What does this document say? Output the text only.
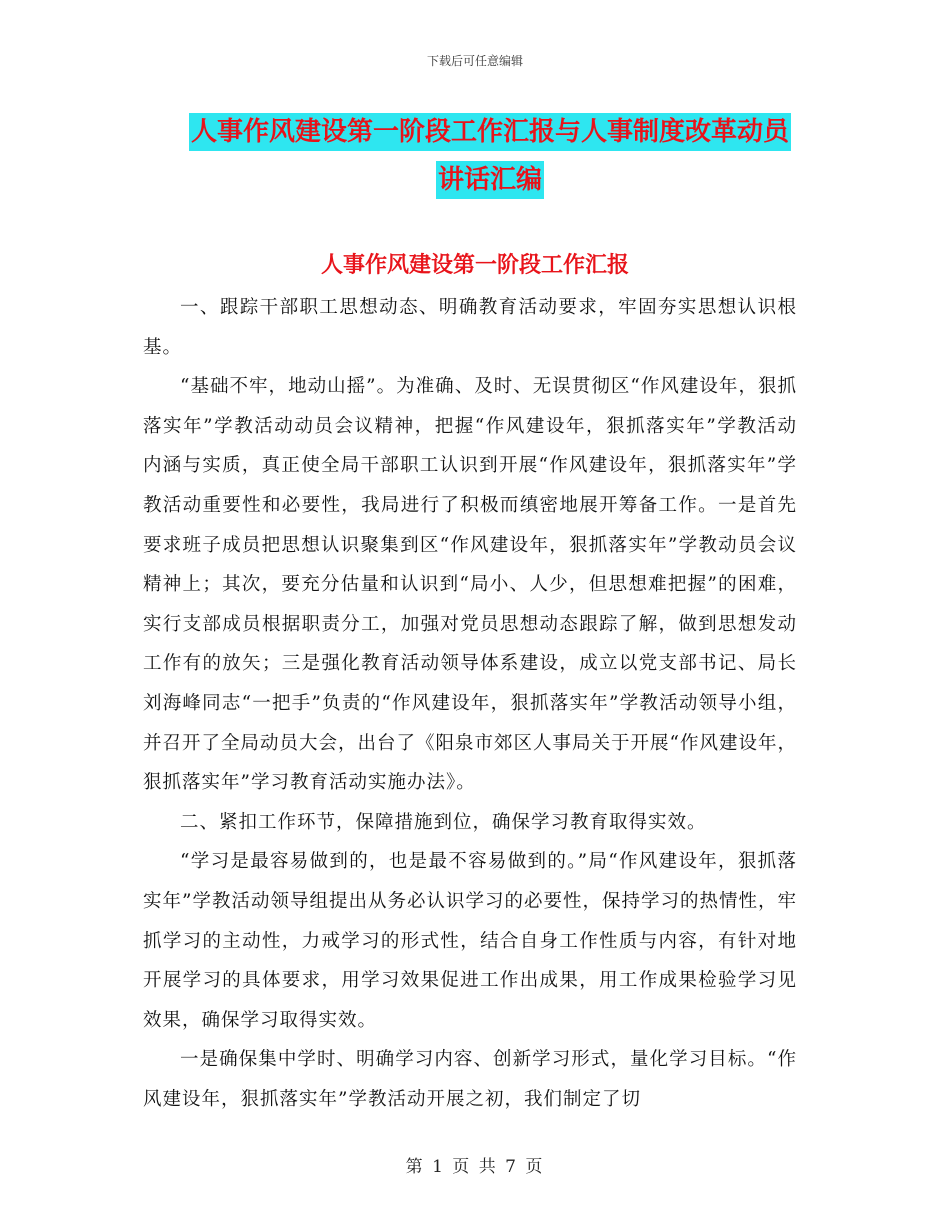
下载后可任意编辑
人事作风建设第一阶段工作汇报与人事制度改革动员
讲话汇编
人事作风建设第一阶段工作汇报

一、跟踪干部职工思想动态、明确教育活动要求，牢固夯实思想认识根基。

“基础不牢，地动山摇”。为准确、及时、无误贯彻区“作风建设年，狠抓落实年”学教活动动员会议精神，把握“作风建设年，狠抓落实年”学教活动内涵与实质，真正使全局干部职工认识到开展“作风建设年，狠抓落实年”学教活动重要性和必要性，我局进行了积极而缜密地展开筹备工作。一是首先要求班子成员把思想认识聚集到区“作风建设年，狠抓落实年”学教动员会议精神上；其次，要充分估量和认识到“局小、人少，但思想难把握”的困难，实行支部成员根据职责分工，加强对党员思想动态跟踪了解，做到思想发动工作有的放矢；三是强化教育活动领导体系建设，成立以党支部书记、局长刘海峰同志“一把手”负责的“作风建设年，狠抓落实年”学教活动领导小组，并召开了全局动员大会，出台了《阳泉市郊区人事局关于开展“作风建设年，狠抓落实年”学习教育活动实施办法》。

二、紧扣工作环节，保障措施到位，确保学习教育取得实效。

“学习是最容易做到的，也是最不容易做到的。”局“作风建设年，狠抓落实年”学教活动领导组提出从务必认识学习的必要性，保持学习的热情性，牢抓学习的主动性，力戒学习的形式性，结合自身工作性质与内容，有针对地开展学习的具体要求，用学习效果促进工作出成果，用工作成果检验学习见效果，确保学习取得实效。

一是确保集中学时、明确学习内容、创新学习形式，量化学习目标。“作风建设年，狠抓落实年”学教活动开展之初，我们制定了切

第 1 页 共 7 页
